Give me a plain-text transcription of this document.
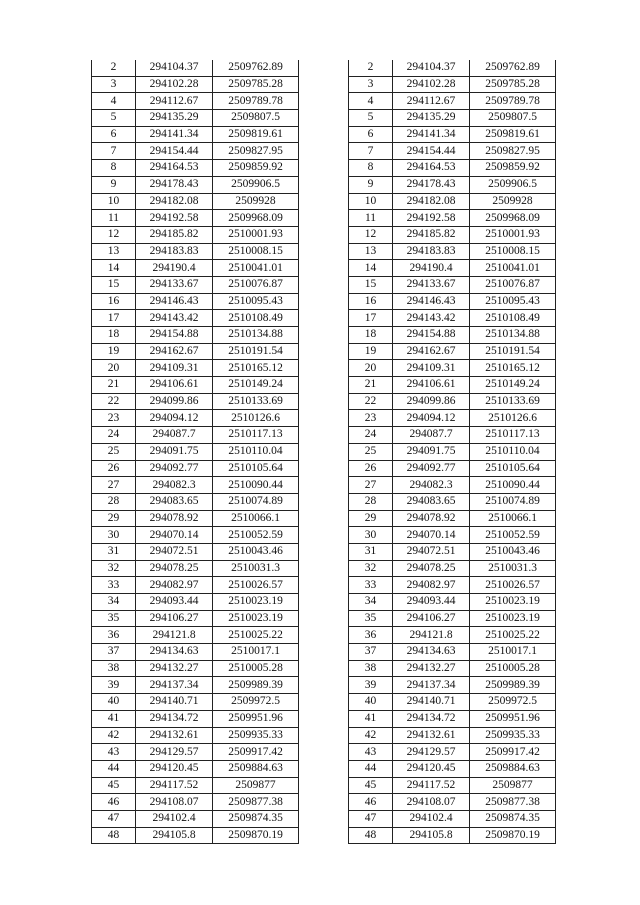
2	294104.37	2509762.89
3	294102.28	2509785.28
4	294112.67	2509789.78
5	294135.29	2509807.5
6	294141.34	2509819.61
7	294154.44	2509827.95
8	294164.53	2509859.92
9	294178.43	2509906.5
10	294182.08	2509928
11	294192.58	2509968.09
12	294185.82	2510001.93
13	294183.83	2510008.15
14	294190.4	2510041.01
15	294133.67	2510076.87
16	294146.43	2510095.43
17	294143.42	2510108.49
18	294154.88	2510134.88
19	294162.67	2510191.54
20	294109.31	2510165.12
21	294106.61	2510149.24
22	294099.86	2510133.69
23	294094.12	2510126.6
24	294087.7	2510117.13
25	294091.75	2510110.04
26	294092.77	2510105.64
27	294082.3	2510090.44
28	294083.65	2510074.89
29	294078.92	2510066.1
30	294070.14	2510052.59
31	294072.51	2510043.46
32	294078.25	2510031.3
33	294082.97	2510026.57
34	294093.44	2510023.19
35	294106.27	2510023.19
36	294121.8	2510025.22
37	294134.63	2510017.1
38	294132.27	2510005.28
39	294137.34	2509989.39
40	294140.71	2509972.5
41	294134.72	2509951.96
42	294132.61	2509935.33
43	294129.57	2509917.42
44	294120.45	2509884.63
45	294117.52	2509877
46	294108.07	2509877.38
47	294102.4	2509874.35
48	294105.8	2509870.19
2	294104.37	2509762.89
3	294102.28	2509785.28
4	294112.67	2509789.78
5	294135.29	2509807.5
6	294141.34	2509819.61
7	294154.44	2509827.95
8	294164.53	2509859.92
9	294178.43	2509906.5
10	294182.08	2509928
11	294192.58	2509968.09
12	294185.82	2510001.93
13	294183.83	2510008.15
14	294190.4	2510041.01
15	294133.67	2510076.87
16	294146.43	2510095.43
17	294143.42	2510108.49
18	294154.88	2510134.88
19	294162.67	2510191.54
20	294109.31	2510165.12
21	294106.61	2510149.24
22	294099.86	2510133.69
23	294094.12	2510126.6
24	294087.7	2510117.13
25	294091.75	2510110.04
26	294092.77	2510105.64
27	294082.3	2510090.44
28	294083.65	2510074.89
29	294078.92	2510066.1
30	294070.14	2510052.59
31	294072.51	2510043.46
32	294078.25	2510031.3
33	294082.97	2510026.57
34	294093.44	2510023.19
35	294106.27	2510023.19
36	294121.8	2510025.22
37	294134.63	2510017.1
38	294132.27	2510005.28
39	294137.34	2509989.39
40	294140.71	2509972.5
41	294134.72	2509951.96
42	294132.61	2509935.33
43	294129.57	2509917.42
44	294120.45	2509884.63
45	294117.52	2509877
46	294108.07	2509877.38
47	294102.4	2509874.35
48	294105.8	2509870.19
